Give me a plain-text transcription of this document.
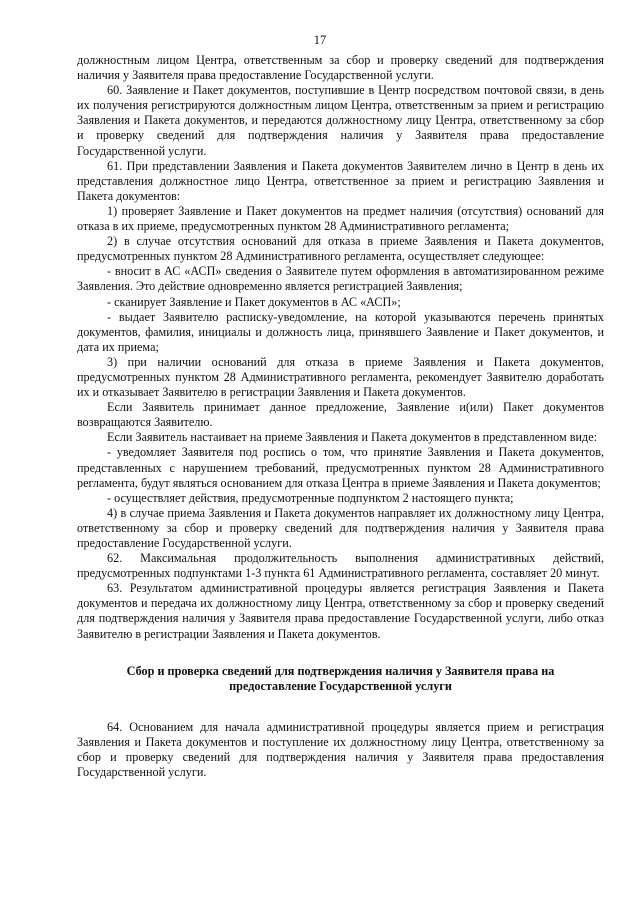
17

должностным лицом Центра, ответственным за сбор и проверку сведений для подтверждения наличия у Заявителя права предоставление Государственной услуги.

60. Заявление и Пакет документов, поступившие в Центр посредством почтовой связи, в день их получения регистрируются должностным лицом Центра, ответственным за прием и регистрацию Заявления и Пакета документов, и передаются должностному лицу Центра, ответственному за сбор и проверку сведений для подтверждения наличия у Заявителя права предоставление Государственной услуги.

61. При представлении Заявления и Пакета документов Заявителем лично в Центр в день их представления должностное лицо Центра, ответственное за прием и регистрацию Заявления и Пакета документов:

1) проверяет Заявление и Пакет документов на предмет наличия (отсутствия) оснований для отказа в их приеме, предусмотренных пунктом 28 Административного регламента;

2) в случае отсутствия оснований для отказа в приеме Заявления и Пакета документов, предусмотренных пунктом 28 Административного регламента, осуществляет следующее:

- вносит в АС «АСП» сведения о Заявителе путем оформления в автоматизированном режиме Заявления. Это действие одновременно является регистрацией Заявления;

- сканирует Заявление и Пакет документов в АС «АСП»;

- выдает Заявителю расписку-уведомление, на которой указываются перечень принятых документов, фамилия, инициалы и должность лица, принявшего Заявление и Пакет документов, и дата их приема;

3) при наличии оснований для отказа в приеме Заявления и Пакета документов, предусмотренных пунктом 28 Административного регламента, рекомендует Заявителю доработать их и отказывает Заявителю в регистрации Заявления и Пакета документов.

Если Заявитель принимает данное предложение, Заявление и(или) Пакет документов возвращаются Заявителю.

Если Заявитель настаивает на приеме Заявления и Пакета документов в представленном виде:

- уведомляет Заявителя под роспись о том, что принятие Заявления и Пакета документов, представленных с нарушением требований, предусмотренных пунктом 28 Административного регламента, будут являться основанием для отказа Центра в приеме Заявления и Пакета документов;

- осуществляет действия, предусмотренные подпунктом 2 настоящего пункта;

4) в случае приема Заявления и Пакета документов направляет их должностному лицу Центра, ответственному за сбор и проверку сведений для подтверждения наличия у Заявителя права предоставление Государственной услуги.

62. Максимальная продолжительность выполнения административных действий, предусмотренных подпунктами 1-3 пункта 61 Административного регламента, составляет 20 минут.

63. Результатом административной процедуры является регистрация Заявления и Пакета документов и передача их должностному лицу Центра, ответственному за сбор и проверку сведений для подтверждения наличия у Заявителя права предоставление Государственной услуги, либо отказ Заявителю в регистрации Заявления и Пакета документов.

Сбор и проверка сведений для подтверждения наличия у Заявителя права на предоставление Государственной услуги

64. Основанием для начала административной процедуры является прием и регистрация Заявления и Пакета документов и поступление их должностному лицу Центра, ответственному за сбор и проверку сведений для подтверждения наличия у Заявителя права предоставления Государственной услуги.
